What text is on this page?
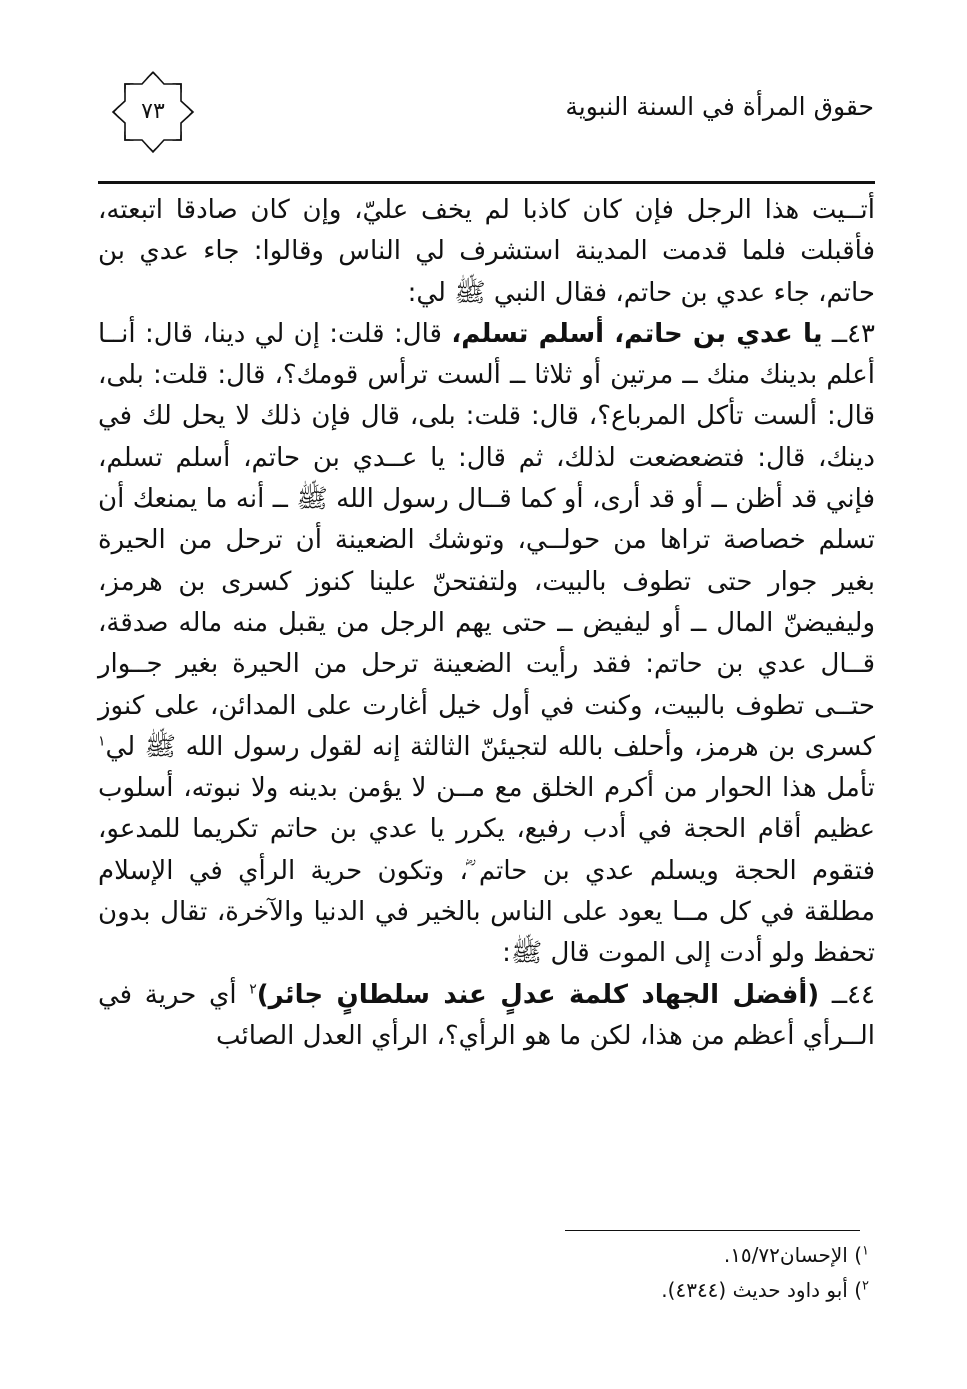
٧٣	حقوق المرأة في السنة النبوية

أتــيت هذا الرجل فإن كان كاذبا لم يخف عليّ، وإن كان صادقا اتبعته، فأقبلت فلما قدمت المدينة استشرف لي الناس وقالوا: جاء عدي بن حاتم، جاء عدي بن حاتم، فقال النبي ﷺ لي:

٤٣ــ يا عدي بن حاتم، أسلم تسلم، قال: قلت: إن لي دينا، قال: أنــا أعلم بدينك منك ــ مرتين أو ثلاثا ــ ألست ترأس قومك؟، قال: قلت: بلى، قال: ألست تأكل المرباع؟، قال: قلت: بلى، قال فإن ذلك لا يحل لك في دينك، قال: فتضعضعت لذلك، ثم قال: يا عــدي بن حاتم، أسلم تسلم، فإني قد أظن ــ أو قد أرى، أو كما قــال رسول الله ﷺ ــ أنه ما يمنعك أن تسلم خصاصة تراها من حولــي، وتوشك الضعينة أن ترحل من الحيرة بغير جوار حتى تطوف بالبيت، ولتفتحنّ علينا كنوز كسرى بن هرمز، وليفيضنّ المال ــ أو ليفيض ــ حتى يهم الرجل من يقبل منه ماله صدقة، قــال عدي بن حاتم: فقد رأيت الضعينة ترحل من الحيرة بغير جــوار حتــى تطوف بالبيت، وكنت في أول خيل أغارت على المدائن، على كنوز كسرى بن هرمز، وأحلف بالله لتجيئنّ الثالثة إنه لقول رسول الله ﷺ لي$^١$ تأمل هذا الحوار من أكرم الخلق مع مــن لا يؤمن بدينه ولا نبوته، أسلوب عظيم أقام الحجة في أدب رفيع، يكرر يا عدي بن حاتم تكريما للمدعو، فتقوم الحجة ويسلم عدي بن حاتم ؓ، وتكون حرية الرأي في الإسلام مطلقة في كل مــا يعود على الناس بالخير في الدنيا والآخرة، تقال بدون تحفظ ولو أدت إلى الموت قال ﷺ:

٤٤ــ (أفضل الجهاد كلمة عدلٍ عند سلطانٍ جائر)$^٢$ أي حرية في الــرأي أعظم من هذا، لكن ما هو الرأي؟، الرأي العدل الصائب

$^١$) الإحسان١٥/٧٢.

$^٢$) أبو داود حديث (٤٣٤٤).
